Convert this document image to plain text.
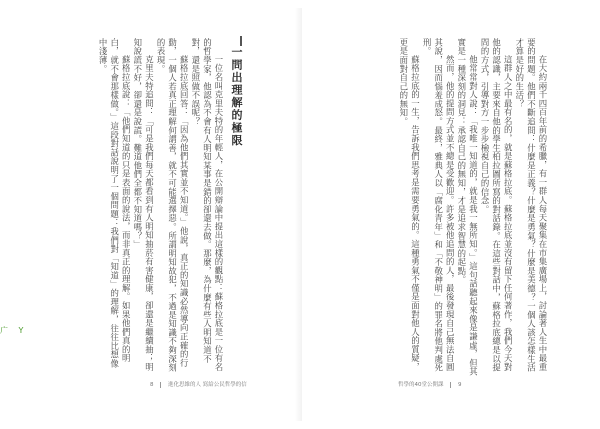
一問出理解的極限

一位名叫克里夫特的年輕人，在公開辯論中提出這樣的觀點：蘇格拉底是一位有名的哲學家，他認為不會有人明知某事是錯的卻還去做。那麼，為什麼有些人明知道不對，還是照做不誤呢？

蘇格拉底回答：「因為他們其實並不知道。」他說，真正的知識必然導向正確的行動，一個人若真正理解何謂善，就不可能選擇惡。所謂明知故犯，不過是知識不夠深刻的表現。

克里夫特追問：「可是我們每天都看到有人明知抽菸有害健康，卻還是繼續抽；明知說謊不好，卻還是說謊。難道他們全都不知道嗎？」

蘇格拉底說：「他們知道的只是表面的說法，而非真正的理解。如果他們真的明白，就不會那樣做。」這段對話說明了一個問題：我們對「知道」的理解，往往比想像中淺薄。

8	進化思維的人 寫給公民哲學的信

在大約兩千四百年前的希臘，有一群人每天聚集在市集廣場上，討論著人生中最重要的問題。他們不斷追問：什麼是正義？什麼是勇氣？什麼是美德？一個人該怎樣生活才算是好的生活？

這群人之中最有名的，就是蘇格拉底。蘇格拉底並沒有留下任何著作，我們今天對他的認識，主要來自他的學生柏拉圖所寫的對話錄。在這些對話中，蘇格拉底總是以提問的方式，引導對方一步步檢視自己的信念。

他常常對人說：「我唯一知道的，就是我一無所知。」這句話聽起來像是謙虛，但其實是一種深刻的洞見：承認自己的無知，才是追求智慧的起點。

然而，他的提問方式並不總是受歡迎。許多被他追問的人，最後發現自己無法自圓其說，因而惱羞成怒。最終，雅典人以「腐化青年」和「不敬神明」的罪名將他判處死刑。

蘇格拉底的一生，告訴我們思考是需要勇氣的。這種勇氣不僅是面對他人的質疑，更是面對自己的無知。

哲學的40堂公開課	9
广 Y
